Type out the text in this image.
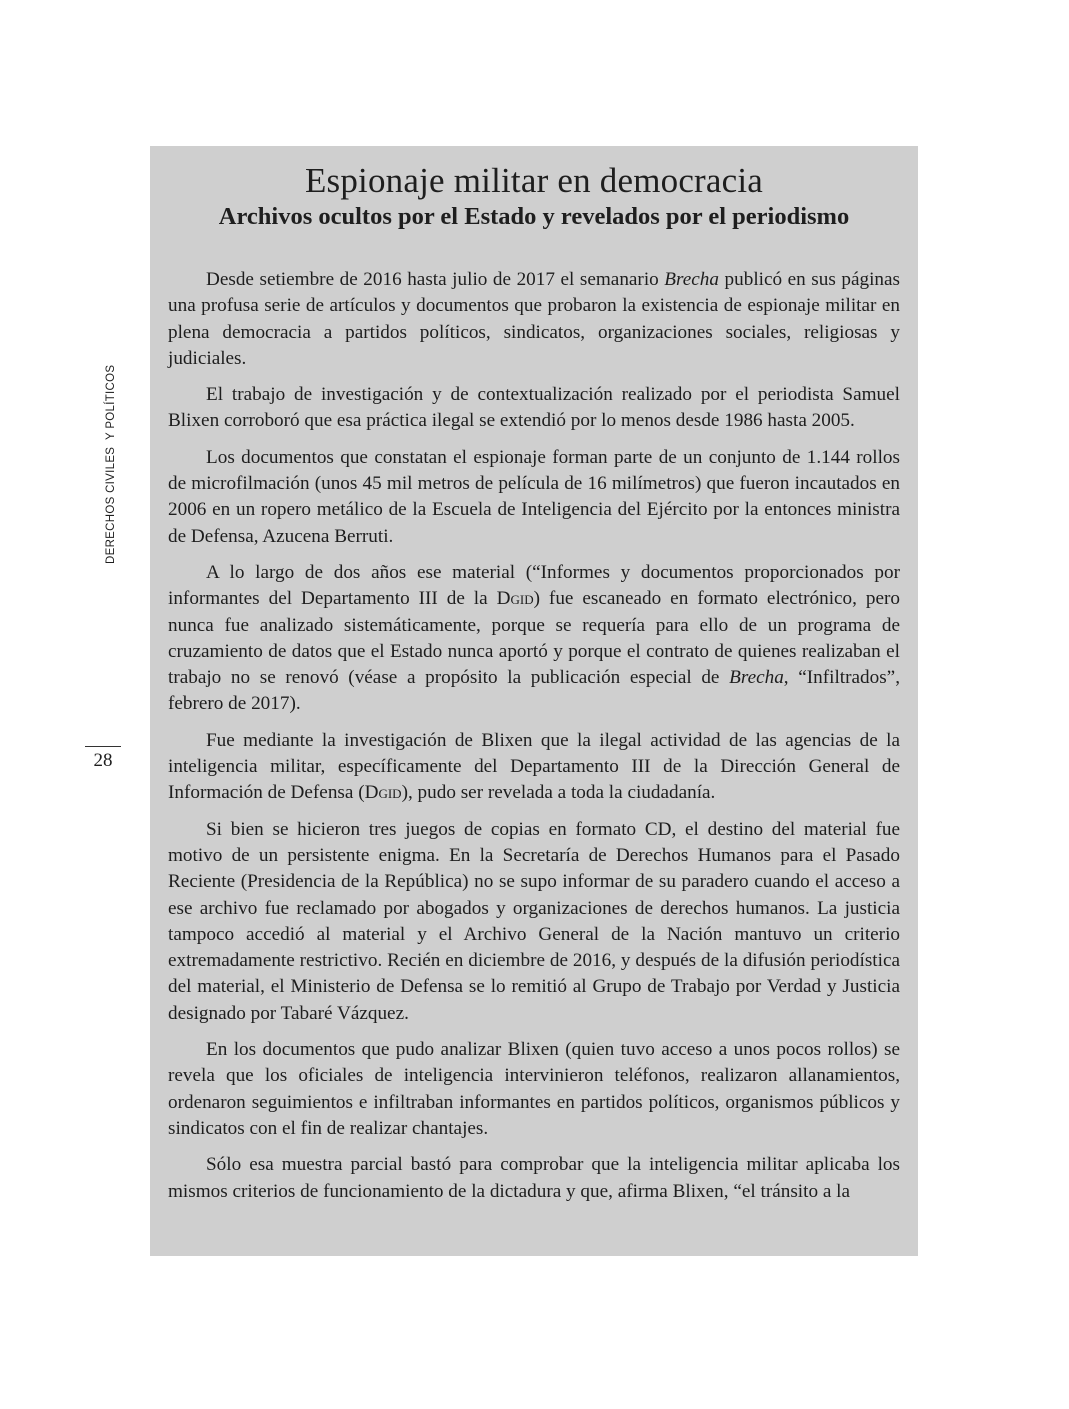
DERECHOS CIVILES  Y POLÍTICOS
28
Espionaje militar en democracia
Archivos ocultos por el Estado y revelados por el periodismo

Desde setiembre de 2016 hasta julio de 2017 el semanario Brecha publicó en sus páginas una profusa serie de artículos y documentos que probaron la existencia de espionaje militar en plena democracia a partidos políticos, sindicatos, organizaciones sociales, religiosas y judiciales.

El trabajo de investigación y de contextualización realizado por el periodista Samuel Blixen corroboró que esa práctica ilegal se extendió por lo menos desde 1986 hasta 2005.

Los documentos que constatan el espionaje forman parte de un conjunto de 1.144 rollos de microfilmación (unos 45 mil metros de película de 16 milímetros) que fueron incautados en 2006 en un ropero metálico de la Escuela de Inteligencia del Ejército por la entonces ministra de Defensa, Azucena Berruti.

A lo largo de dos años ese material (“Informes y documentos proporcionados por informantes del Departamento III de la Dgid) fue escaneado en formato electrónico, pero nunca fue analizado sistemáticamente, porque se requería para ello de un programa de cruzamiento de datos que el Estado nunca aportó y porque el contrato de quienes realizaban el trabajo no se renovó (véase a propósito la publicación especial de Brecha, “Infiltrados”, febrero de 2017).

Fue mediante la investigación de Blixen que la ilegal actividad de las agencias de la inteligencia militar, específicamente del Departamento III de la Dirección General de Información de Defensa (Dgid), pudo ser revelada a toda la ciudadanía.

Si bien se hicieron tres juegos de copias en formato CD, el destino del material fue motivo de un persistente enigma. En la Secretaría de Derechos Humanos para el Pasado Reciente (Presidencia de la República) no se supo informar de su paradero cuando el acceso a ese archivo fue reclamado por abogados y organizaciones de derechos humanos. La justicia tampoco accedió al material y el Archivo General de la Nación mantuvo un criterio extremadamente restrictivo. Recién en diciembre de 2016, y después de la difusión periodística del material, el Ministerio de Defensa se lo remitió al Grupo de Trabajo por Verdad y Justicia designado por Tabaré Vázquez.

En los documentos que pudo analizar Blixen (quien tuvo acceso a unos pocos rollos) se revela que los oficiales de inteligencia intervinieron teléfonos, realizaron allanamientos, ordenaron seguimientos e infiltraban informantes en partidos políticos, organismos públicos y sindicatos con el fin de realizar chantajes.

Sólo esa muestra parcial bastó para comprobar que la inteligencia militar aplicaba los mismos criterios de funcionamiento de la dictadura y que, afirma Blixen, “el tránsito a la
